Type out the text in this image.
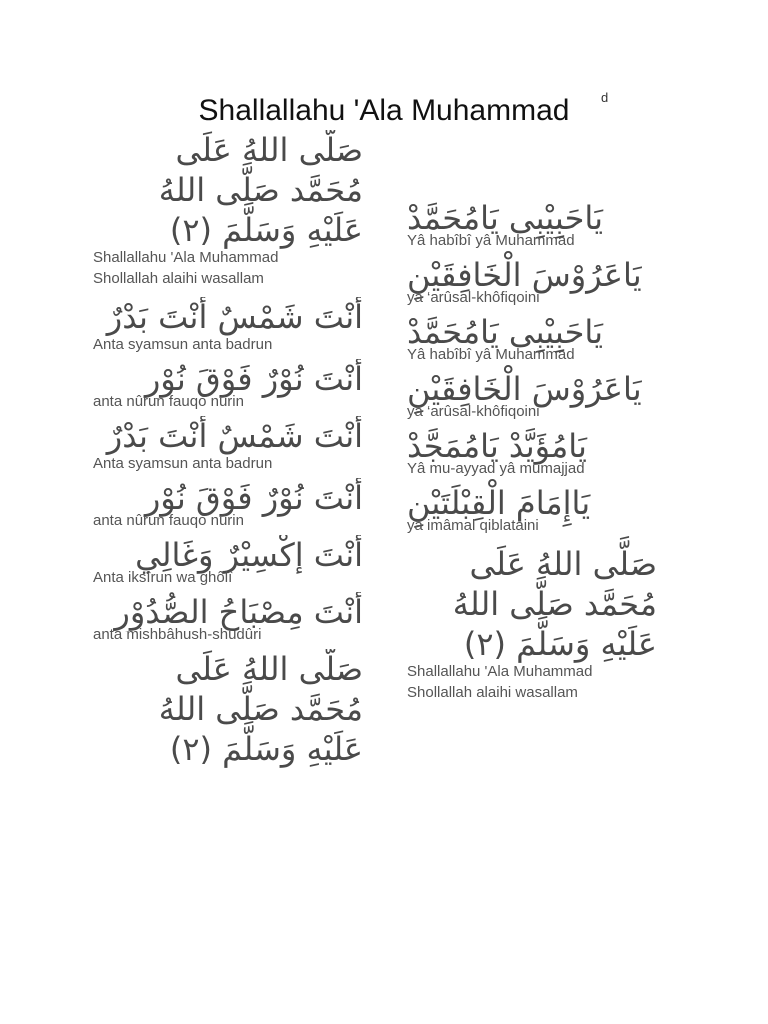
Shallallahu 'Ala Muhammad	d
صَلَّى اللهُ عَلَى مُحَمَّد صَلَّى اللهُ عَلَيْهِ وَسَلَّمَ (٢)
Shallallahu 'Ala Muhammad
Shollallah alaihi wasallam
أَنْتَ شَمْسٌ أَنْتَ بَدْرٌ
Anta syamsun anta badrun
أَنْتَ نُوْرٌ فَوْقَ نُوْرٍ
anta nûrun fauqo nûrin
أَنْتَ شَمْسٌ أَنْتَ بَدْرٌ
Anta syamsun anta badrun
أَنْتَ نُوْرٌ فَوْقَ نُوْرٍ
anta nûrun fauqo nûrin
أَنْتَ إِكْسِيْرٌ وَغَالِي
Anta iksîrun wa ghôlî
أَنْتَ مِصْبَاحُ الصُّدُوْرِ
anta mishbâhush-shudûri
صَلَّى اللهُ عَلَى مُحَمَّد صَلَّى اللهُ عَلَيْهِ وَسَلَّمَ (٢)
يَاحَبِيْبِى يَامُحَمَّدْ
Yâ habîbî yâ Muhammad
يَاعَرُوْسَ الْخَافِقَيْنِ
yâ ‘arûsal-khôfiqoini
يَاحَبِيْبِى يَامُحَمَّدْ
Yâ habîbî yâ Muhammad
يَاعَرُوْسَ الْخَافِقَيْنِ
yâ ‘arûsal-khôfiqoini
يَامُؤَيَّدْ يَامُمَجَّدْ
Yâ mu-ayyad yâ mumajjad
يَاإِمَامَ الْقِبْلَتَيْنِ
yâ imâmal qiblataini
صَلَّى اللهُ عَلَى مُحَمَّد صَلَّى اللهُ عَلَيْهِ وَسَلَّمَ (٢)
Shallallahu 'Ala Muhammad
Shollallah alaihi wasallam
